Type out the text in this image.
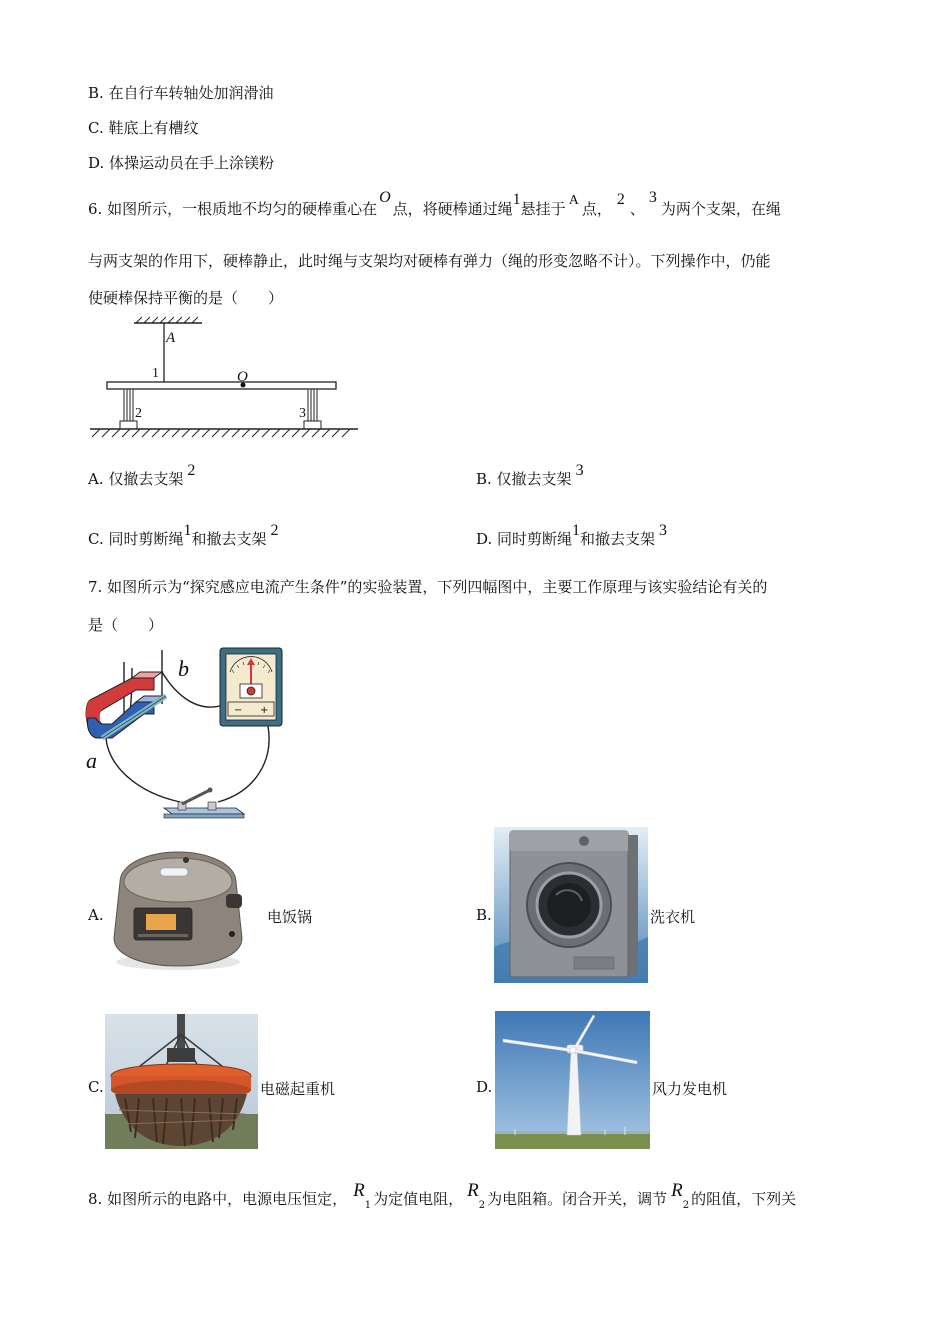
B. 在自行车转轴处加润滑油
C. 鞋底上有槽纹
D. 体操运动员在手上涂镁粉
6. 如图所示，一根质地不均匀的硬棒重心在O点，将硬棒通过绳1悬挂于 A 点，2、3为两个支架，在绳
与两支架的作用下，硬棒静止，此时绳与支架均对硬棒有弹力（绳的形变忽略不计）。下列操作中，仍能
使硬棒保持平衡的是（　　）
A
1	O
2	3
A. 仅撤去支架 2	B. 仅撤去支架 3
C. 同时剪断绳1和撤去支架 2	D. 同时剪断绳1和撤去支架 3
7. 如图所示为“探究感应电流产生条件”的实验装置，下列四幅图中，主要工作原理与该实验结论有关的
是（　　）
− +
a
b
A.	电饭锅	B.	洗衣机
C.	电磁起重机	D.	风力发电机
8. 如图所示的电路中，电源电压恒定， $R_1$ 为定值电阻， $R_2$ 为电阻箱。闭合开关，调节 $R_2$ 的阻值，下列关
